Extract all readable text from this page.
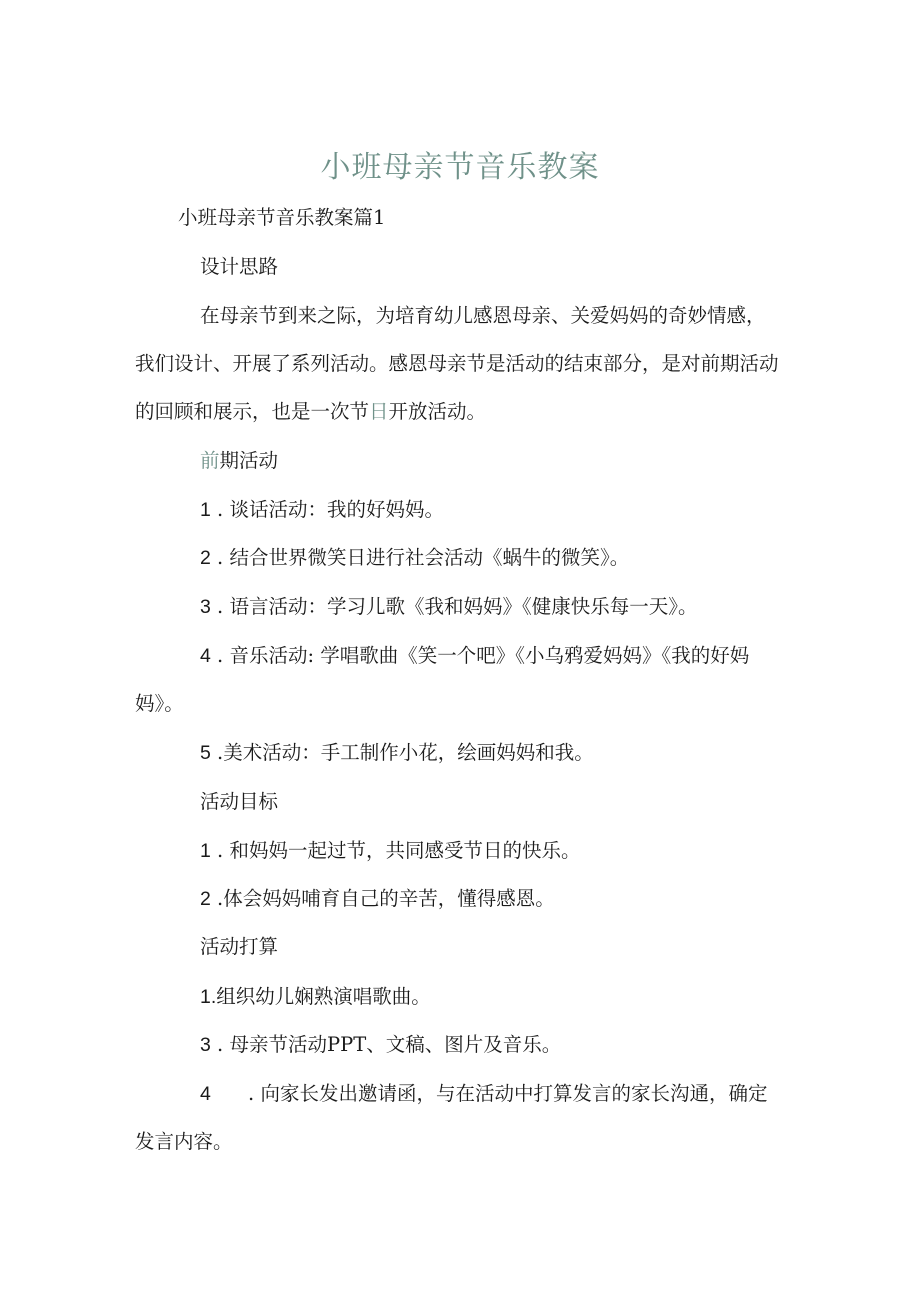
小班母亲节音乐教案

小班母亲节音乐教案篇1

设计思路

在母亲节到来之际，为培育幼儿感恩母亲、关爱妈妈的奇妙情感，

我们设计、开展了系列活动。感恩母亲节是活动的结束部分，是对前期活动

的回顾和展示，也是一次节日开放活动。

前期活动

1 . 谈话活动：我的好妈妈。

2 . 结合世界微笑日进行社会活动《蜗牛的微笑》。

3 . 语言活动：学习儿歌《我和妈妈》《健康快乐每一天》。

4 . 音乐活动: 学唱歌曲《笑一个吧》《小乌鸦爱妈妈》《我的好妈

妈》。

5 .美术活动：手工制作小花，绘画妈妈和我。

活动目标

1 . 和妈妈一起过节，共同感受节日的快乐。

2 .体会妈妈哺育自己的辛苦，懂得感恩。

活动打算

1.组织幼儿娴熟演唱歌曲。

3 . 母亲节活动PPT、文稿、图片及音乐。

4      . 向家长发出邀请函，与在活动中打算发言的家长沟通，确定

发言内容。
